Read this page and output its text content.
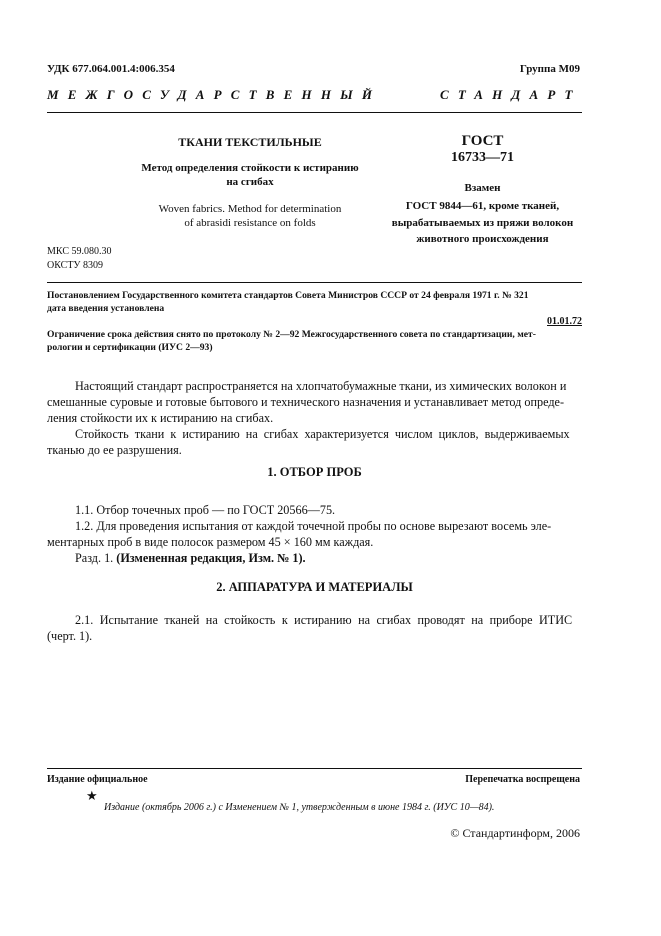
УДК 677.064.001.4:006.354	Группа М09
МЕЖГОСУДАРСТВЕННЫЙ	СТАНДАРТ
ТКАНИ ТЕКСТИЛЬНЫЕ
Метод определения стойкости к истиранию
на сгибах
Woven fabrics. Method for determination
of abrasidi resistance on folds
МКС 59.080.30
ОКСТУ 8309
ГОСТ
16733—71
Взамен
ГОСТ 9844—61, кроме тканей,
вырабатываемых из пряжи волокон
животного происхождения
Постановлением Государственного комитета стандартов Совета Министров СССР от 24 февраля 1971 г. № 321
дата введения установлена
01.01.72
Ограничение срока действия снято по протоколу № 2—92 Межгосударственного совета по стандартизации, мет-
рологии и сертификации (ИУС 2—93)
Настоящий стандарт распространяется на хлопчатобумажные ткани, из химических волокон и
смешанные суровые и готовые бытового и технического назначения и устанавливает метод опреде-
ления стойкости их к истиранию на сгибах.
Стойкость ткани к истиранию на сгибах характеризуется числом циклов, выдерживаемых
тканью до ее разрушения.
1. ОТБОР ПРОБ
1.1. Отбор точечных проб — по ГОСТ 20566—75.
1.2. Для проведения испытания от каждой точечной пробы по основе вырезают восемь эле-
ментарных проб в виде полосок размером 45 × 160 мм каждая.
Разд. 1. (Измененная редакция, Изм. № 1).
2. АППАРАТУРА И МАТЕРИАЛЫ
2.1. Испытание тканей на стойкость к истиранию на сгибах проводят на приборе ИТИС
(черт. 1).
Издание официальное	Перепечатка воспрещена
★
Издание (октябрь 2006 г.) с Изменением № 1, утвержденным в июне 1984 г. (ИУС 10—84).
© Стандартинформ, 2006
